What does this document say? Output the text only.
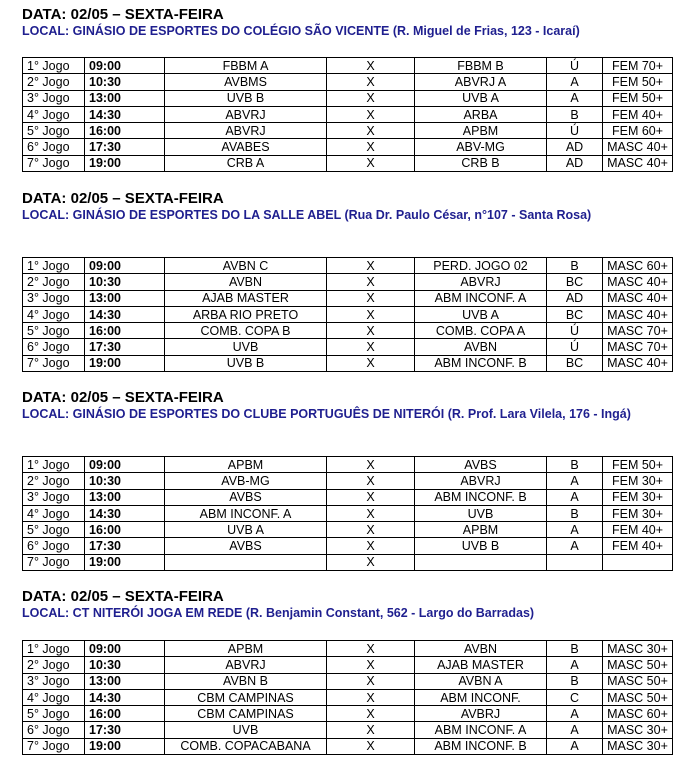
DATA: 02/05 – SEXTA-FEIRA

LOCAL: GINÁSIO DE ESPORTES DO COLÉGIO SÃO VICENTE (R. Miguel de Frias, 123 - Icaraí)

1° Jogo	09:00	FBBM A	X	FBBM B	Ú	FEM 70+
2° Jogo	10:30	AVBMS	X	ABVRJ A	A	FEM 50+
3° Jogo	13:00	UVB B	X	UVB A	A	FEM 50+
4° Jogo	14:30	ABVRJ	X	ARBA	B	FEM 40+
5° Jogo	16:00	ABVRJ	X	APBM	Ú	FEM 60+
6° Jogo	17:30	AVABES	X	ABV-MG	AD	MASC 40+
7° Jogo	19:00	CRB A	X	CRB B	AD	MASC 40+

DATA: 02/05 – SEXTA-FEIRA

LOCAL: GINÁSIO DE ESPORTES DO LA SALLE ABEL (Rua Dr. Paulo César, n°107 - Santa Rosa)

1° Jogo	09:00	AVBN C	X	PERD. JOGO 02	B	MASC 60+
2° Jogo	10:30	AVBN	X	ABVRJ	BC	MASC 40+
3° Jogo	13:00	AJAB MASTER	X	ABM INCONF. A	AD	MASC 40+
4° Jogo	14:30	ARBA RIO PRETO	X	UVB A	BC	MASC 40+
5° Jogo	16:00	COMB. COPA B	X	COMB. COPA A	Ú	MASC 70+
6° Jogo	17:30	UVB	X	AVBN	Ú	MASC 70+
7° Jogo	19:00	UVB B	X	ABM INCONF. B	BC	MASC 40+

DATA: 02/05 – SEXTA-FEIRA

LOCAL: GINÁSIO DE ESPORTES DO CLUBE PORTUGUÊS DE NITERÓI (R. Prof. Lara Vilela, 176 - Ingá)

1° Jogo	09:00	APBM	X	AVBS	B	FEM 50+
2° Jogo	10:30	AVB-MG	X	ABVRJ	A	FEM 30+
3° Jogo	13:00	AVBS	X	ABM INCONF. B	A	FEM 30+
4° Jogo	14:30	ABM INCONF. A	X	UVB	B	FEM 30+
5° Jogo	16:00	UVB A	X	APBM	A	FEM 40+
6° Jogo	17:30	AVBS	X	UVB B	A	FEM 40+
7° Jogo	19:00		X			

DATA: 02/05 – SEXTA-FEIRA

LOCAL: CT NITERÓI JOGA EM REDE (R. Benjamin Constant, 562 - Largo do Barradas)

1° Jogo	09:00	APBM	X	AVBN	B	MASC 30+
2° Jogo	10:30	ABVRJ	X	AJAB MASTER	A	MASC 50+
3° Jogo	13:00	AVBN B	X	AVBN A	B	MASC 50+
4° Jogo	14:30	CBM CAMPINAS	X	ABM INCONF.	C	MASC 50+
5° Jogo	16:00	CBM CAMPINAS	X	AVBRJ	A	MASC 60+
6° Jogo	17:30	UVB	X	ABM INCONF. A	A	MASC 30+
7° Jogo	19:00	COMB. COPACABANA	X	ABM INCONF. B	A	MASC 30+
